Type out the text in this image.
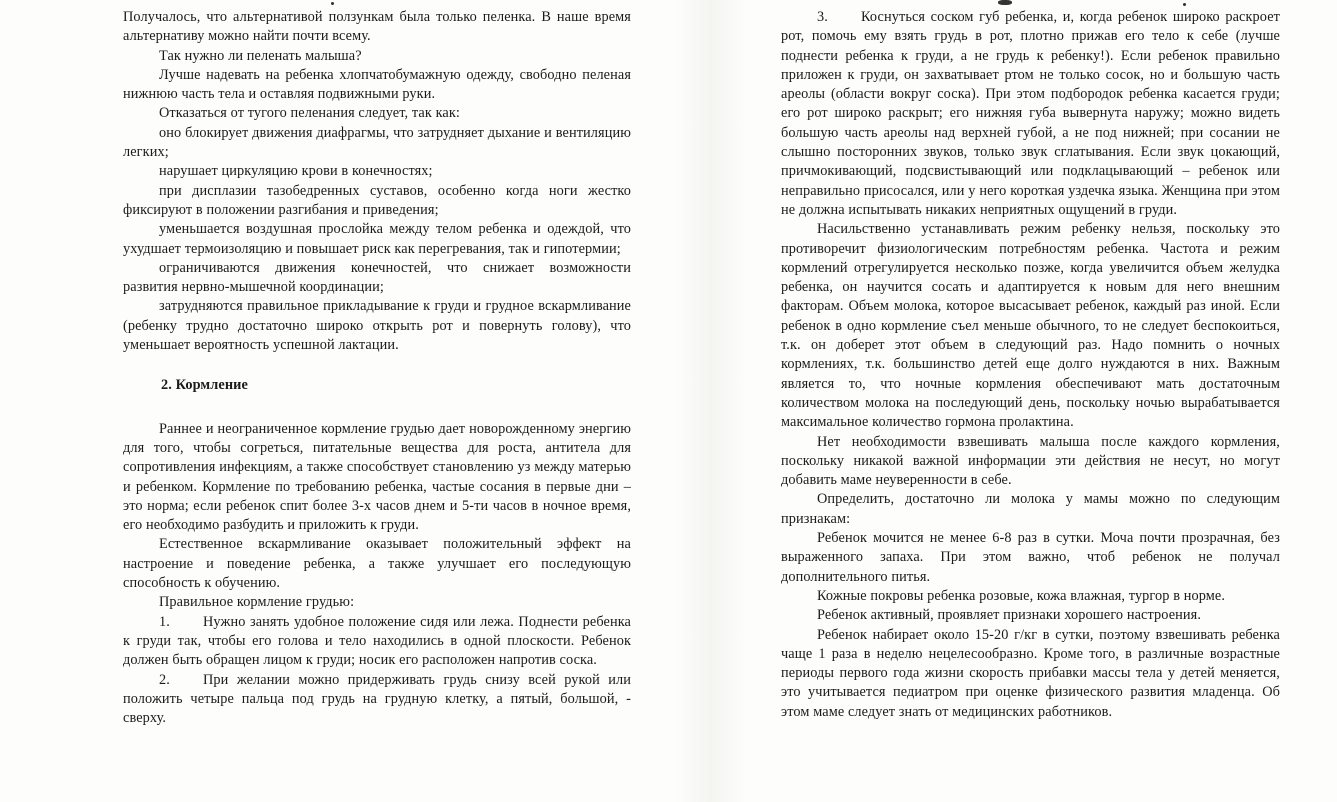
Получалось, что альтернативой ползункам была только пеленка. В наше время альтернативу можно найти почти всему.

Так нужно ли пеленать малыша?

Лучше надевать на ребенка хлопчатобумажную одежду, свободно пеленая нижнюю часть тела и оставляя подвижными руки.

Отказаться от тугого пеленания следует, так как:

оно блокирует движения диафрагмы, что затрудняет дыхание и вентиляцию легких;

нарушает циркуляцию крови в конечностях;

при дисплазии тазобедренных суставов, особенно когда ноги жестко фиксируют в положении разгибания и приведения;

уменьшается воздушная прослойка между телом ребенка и одеждой, что ухудшает термоизоляцию и повышает риск как перегревания, так и гипотермии;

ограничиваются движения конечностей, что снижает возможности развития нервно-мышечной координации;

затрудняются правильное прикладывание к груди и грудное вскармливание (ребенку трудно достаточно широко открыть рот и повернуть голову), что уменьшает вероятность успешной лактации.

2. Кормление

Раннее и неограниченное кормление грудью дает новорожденному энергию для того, чтобы согреться, питательные вещества для роста, антитела для сопротивления инфекциям, а также способствует становлению уз между матерью и ребенком. Кормление по требованию ребенка, частые сосания в первые дни – это норма; если ребенок спит более 3-х часов днем и 5-ти часов в ночное время, его необходимо разбудить и приложить к груди.

Естественное вскармливание оказывает положительный эффект на настроение и поведение ребенка, а также улучшает его последующую способность к обучению.

Правильное кормление грудью:

1. Нужно занять удобное положение сидя или лежа. Поднести ребенка к груди так, чтобы его голова и тело находились в одной плоскости. Ребенок должен быть обращен лицом к груди; носик его расположен напротив соска.

2. При желании можно придерживать грудь снизу всей рукой или положить четыре пальца под грудь на грудную клетку, а пятый, большой, - сверху.

3. Коснуться соском губ ребенка, и, когда ребенок широко раскроет рот, помочь ему взять грудь в рот, плотно прижав его тело к себе (лучше поднести ребенка к груди, а не грудь к ребенку!). Если ребенок правильно приложен к груди, он захватывает ртом не только сосок, но и большую часть ареолы (области вокруг соска). При этом подбородок ребенка касается груди; его рот широко раскрыт; его нижняя губа вывернута наружу; можно видеть большую часть ареолы над верхней губой, а не под нижней; при сосании не слышно посторонних звуков, только звук сглатывания. Если звук цокающий, причмокивающий, подсвистывающий или подклацывающий – ребенок или неправильно присосался, или у него короткая уздечка языка. Женщина при этом не должна испытывать никаких неприятных ощущений в груди.

Насильственно устанавливать режим ребенку нельзя, поскольку это противоречит физиологическим потребностям ребенка. Частота и режим кормлений отрегулируется несколько позже, когда увеличится объем желудка ребенка, он научится сосать и адаптируется к новым для него внешним факторам. Объем молока, которое высасывает ребенок, каждый раз иной. Если ребенок в одно кормление съел меньше обычного, то не следует беспокоиться, т.к. он доберет этот объем в следующий раз. Надо помнить о ночных кормлениях, т.к. большинство детей еще долго нуждаются в них. Важным является то, что ночные кормления обеспечивают мать достаточным количеством молока на последующий день, поскольку ночью вырабатывается максимальное количество гормона пролактина.

Нет необходимости взвешивать малыша после каждого кормления, поскольку никакой важной информации эти действия не несут, но могут добавить маме неуверенности в себе.

Определить, достаточно ли молока у мамы можно по следующим признакам:

Ребенок мочится не менее 6-8 раз в сутки. Моча почти прозрачная, без выраженного запаха. При этом важно, чтоб ребенок не получал дополнительного питья.

Кожные покровы ребенка розовые, кожа влажная, тургор в норме.

Ребенок активный, проявляет признаки хорошего настроения.

Ребенок набирает около 15-20 г/кг в сутки, поэтому взвешивать ребенка чаще 1 раза в неделю нецелесообразно. Кроме того, в различные возрастные периоды первого года жизни скорость прибавки массы тела у детей меняется, это учитывается педиатром при оценке физического развития младенца. Об этом маме следует знать от медицинских работников.
